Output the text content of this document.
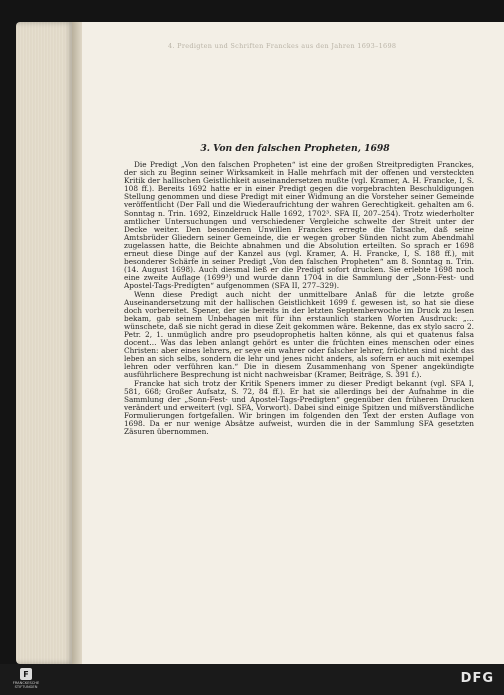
4. Predigten und Schriften Franckes aus den Jahren 1693–1698
3. Von den falschen Propheten, 1698

Die Predigt „Von den falschen Propheten“ ist eine der großen Streitpredigten Franckes, der sich zu Beginn seiner Wirksamkeit in Halle mehrfach mit der offenen und versteckten Kritik der hallischen Geistlichkeit auseinandersetzen mußte (vgl. Kramer, A. H. Francke, I, S. 108 ff.). Bereits 1692 hatte er in einer Predigt gegen die vorgebrachten Beschuldigungen Stellung genommen und diese Predigt mit einer Widmung an die Vorsteher seiner Gemeinde veröffentlicht (Der Fall und die Wiederaufrichtung der wahren Gerechtigkeit. gehalten am 6. Sonntag n. Trin. 1692, Einzeldruck Halle 1692, 1702³. SFA II, 207–254). Trotz wiederholter amtlicher Untersuchungen und verschiedener Vergleiche schwelte der Streit unter der Decke weiter. Den besonderen Unwillen Franckes erregte die Tatsache, daß seine Amtsbrüder Gliedern seiner Gemeinde, die er wegen grober Sünden nicht zum Abendmahl zugelassen hatte, die Beichte abnahmen und die Absolution erteilten. So sprach er 1698 erneut diese Dinge auf der Kanzel aus (vgl. Kramer, A. H. Francke, I, S. 188 ff.), mit besonderer Schärfe in seiner Predigt „Von den falschen Propheten“ am 8. Sonntag n. Trin. (14. August 1698). Auch diesmal ließ er die Predigt sofort drucken. Sie erlebte 1698 noch eine zweite Auflage (1699³) und wurde dann 1704 in die Sammlung der „Sonn-Fest- und Apostel-Tags-Predigten“ aufgenommen (SFA II, 277–329).

Wenn diese Predigt auch nicht der unmittelbare Anlaß für die letzte große Auseinandersetzung mit der hallischen Geistlichkeit 1699 f. gewesen ist, so hat sie diese doch vorbereitet. Spener, der sie bereits in der letzten Septemberwoche im Druck zu lesen bekam, gab seinem Unbehagen mit für ihn erstaunlich starken Worten Ausdruck: „… wünschete, daß sie nicht gerad in diese Zeit gekommen wäre. Bekenne, das ex stylo sacro 2. Petr. 2, 1. unmüglich andre pro pseudoprophetis halten könne, als qui et quatenus falsa docent… Was das leben anlangt gehört es unter die früchten eines menschen oder eines Christen: aber eines lehrers, er seye ein wahrer oder falscher lehrer, früchten sind nicht das leben an sich selbs, sondern die lehr und jenes nicht anders, als sofern er auch mit exempel lehren oder verführen kan.“ Die in diesem Zusammenhang von Spener angekündigte ausführlichere Besprechung ist nicht nachweisbar (Kramer, Beiträge, S. 391 f.).

Francke hat sich trotz der Kritik Speners immer zu dieser Predigt bekannt (vgl. SFA I, 581, 668; Großer Aufsatz, S. 72, 84 ff.). Er hat sie allerdings bei der Aufnahme in die Sammlung der „Sonn-Fest- und Apostel-Tags-Predigten“ gegenüber den früheren Drucken verändert und erweitert (vgl. SFA, Vorwort). Dabei sind einige Spitzen und mißverständliche Formulierungen fortgefallen. Wir bringen im folgenden den Text der ersten Auflage von 1698. Da er nur wenige Absätze aufweist, wurden die in der Sammlung SFA gesetzten Zäsuren übernommen.

F
FRANCKESCHE STIFTUNGEN
DFG
